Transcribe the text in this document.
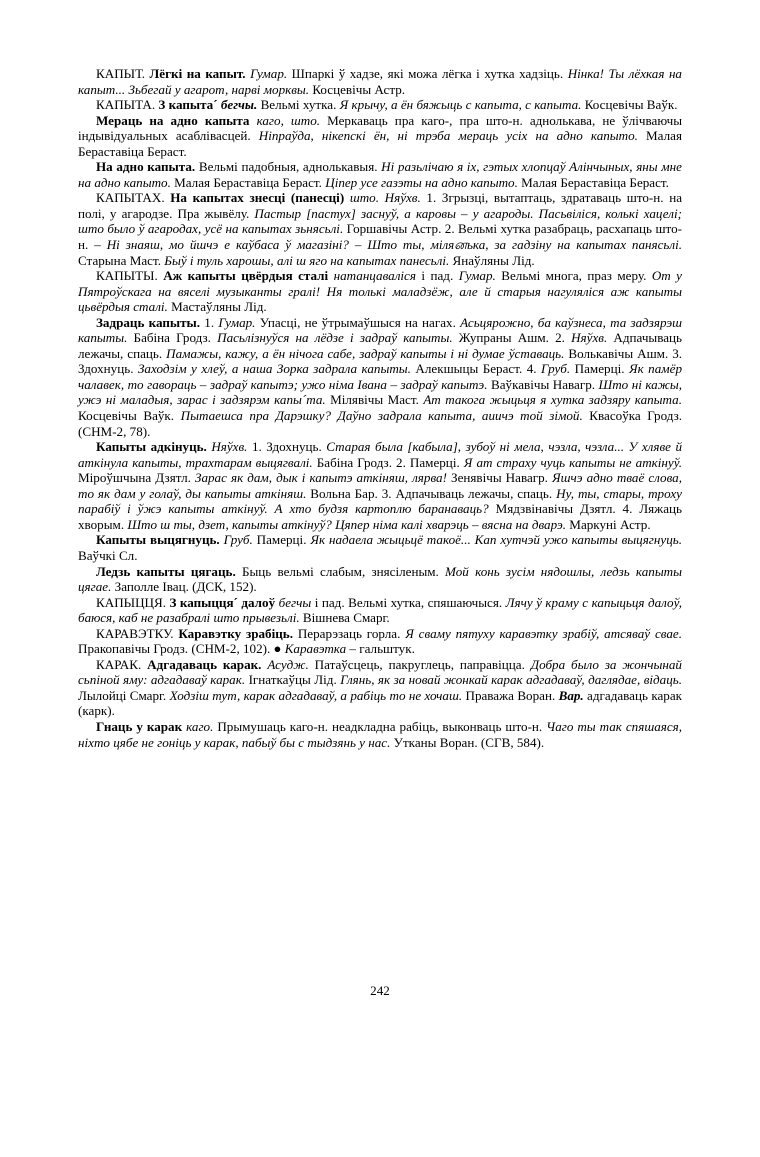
КАПЫТ. Лёгкі на капыт. Гумар. Шпаркі ў хадзе, які можа лёгка і хутка хадзіць. Нінка! Ты лёхкая на капыт... Зьбегай у агарот, нарві морквы. Косцевічы Астр.

КАПЫТА. З капыта´ бегчы. Вельмі хутка. Я крычу, а ён бяжыць с капыта, с капыта. Косцевічы Ваўк.

Мераць на адно капыта каго, што. Меркаваць пра каго-, пра што-н. аднолькава, не ўлічваючы індывідуальных асаблівасцей. Ніпраўда, нікепскі ён, ні трэба мераць усіх на адно капыто. Малая Бераставіца Бераст.

На адно капыта. Вельмі падобныя, аднолькавыя. Ні разьлічаю я іх, гэтых хлопцаў Алінчыных, яны мне на адно капыто. Малая Бераставіца Бераст. Ціпер усе газэты на адно капыто. Малая Бераставіца Бераст.

КАПЫТАХ. На капытах знесці (панесці) што. Няўхв. 1. Згрызці, вытаптаць, здратаваць што-н. на полі, у агародзе. Пра жывёлу. Пастыр [пастух] заснуў, а каровы – у агароды. Пасьвіліся, колькі хацелі; што было ў агародах, усё на капытах зьнясьлі. Горшавічы Астр. 2. Вельмі хутка разабраць, расхапаць што-н. – Ні знаяш, мо йшчэ е каўбаса ў магазіні? – Што ты, міляனька, за гадзіну на капытах панясьлі. Старына Маст. Быў і туль харошы, алі ш яго на капытах панесьлі. Янаўляны Лід.

КАПЫТЫ. Аж капыты цвёрдыя сталі натанцавалiся і пад. Гумар. Вельмі многа, праз меру. От у Пятроўскага на вяселі музыканты гралі! Ня толькі маладзёж, але й старыя нагуляліся аж капыты цьвёрдыя сталі. Мастаўляны Лід.

Задраць капыты. 1. Гумар. Упасці, не ўтрымаўшыся на нагах. Асьцярожно, ба каўзнеса, та задзярэш капыты. Бабіна Гродз. Пасьлізнуўся на лёдзе і задраў капыты. Жупраны Ашм. 2. Няўхв. Адпачываць лежачы, спаць. Памажы, кажу, а ён нічога сабе, задраў капыты і ні думае ўставаць. Волькавічы Ашм. 3. Здохнуць. Заходзім у хлеў, а наша Зорка задрала капыты. Алекшыцы Бераст. 4. Груб. Памерці. Як памёр чалавек, то гавораць – задраў капытэ; ужо німа Івана – задраў капытэ. Ваўкавічы Навагр. Што ні кажы, ужэ ні маладыя, зарас і задзярэм капы´та. Мілявічы Маст. Ат такога жыцьця я хутка задзяру капыта. Косцевічы Ваўк. Пытаешса пра Дарэшку? Даўно задрала капыта, аиичэ той зімой. Квасоўка Гродз. (СНМ-2, 78).

Капыты адкінуць. Няўхв. 1. Здохнуць. Старая была [кабыла], зубоў ні мела, чэзла, чэзла... У хляве й аткінула капыты, трахтарам выцягвалі. Бабіна Гродз. 2. Памерці. Я ат страху чуць капыты не аткінуў. Міроўшчына Дзятл. Зарас як дам, дык і капытэ аткіняш, лярва! Зенявічы Навагр. Яшчэ адно тваё слова, то як дам у голаў, ды капыты аткіняш. Вольна Бар. 3. Адпачываць лежачы, спаць. Ну, ты, стары, троху парабіў і ўжэ капыты аткінуў. А хто будзя картоплю баранаваць? Мядзвінавічы Дзятл. 4. Ляжаць хворым. Што ш ты, дзет, капыты аткінуў? Цяпер німа калі хварэць – вясна на дварэ. Маркуні Астр.

Капыты выцягнуць. Груб. Памерці. Як надаела жыцьцё такоё... Кап хутчэй ужо капыты выцягнуць. Ваўчкі Сл.

Ледзь капыты цягаць. Быць вельмі слабым, знясіленым. Мой конь зусім нядошлы, ледзь капыты цягае. Заполле Івац. (ДСК, 152).

КАПЫЦЦЯ. З капыцця´ далоў бегчы і пад. Вельмі хутка, спяшаючыся. Лячу ў краму с капыцьця далоў, баюся, каб не разабралі што прывезьлі. Вішнева Смарг.

КАРАВЭТКУ. Каравэтку зрабіць. Перарэзаць горла. Я сваму пятуху каравэтку зрабіў, атсявaў свае. Пракопавічы Гродз. (СНМ-2, 102). ● Каравэтка – гальштук.

КАРАК. Адгадаваць карак. Асудж. Патаўсцець, пакруглець, паправіцца. Добра было за жончынай сьпіной яму: адгадаваў карак. Ігнаткаўцы Лід. Глянь, як за новай жонкай карак адгадаваў, даглядае, відаць. Лылойці Смарг. Ходзіш тут, карак адгадаваў, а рабіць то не хочаш. Праважа Воран. Вар. адгадаваць карак (карк).

Гнаць у карак каго. Прымушаць каго-н. неадкладна рабіць, выконваць што-н. Чаго ты так спяшаяся, ніхто цябе не гоніць у карак, пабыў бы с тыдзянь у нас. Утканы Воран. (СГВ, 584).

242
